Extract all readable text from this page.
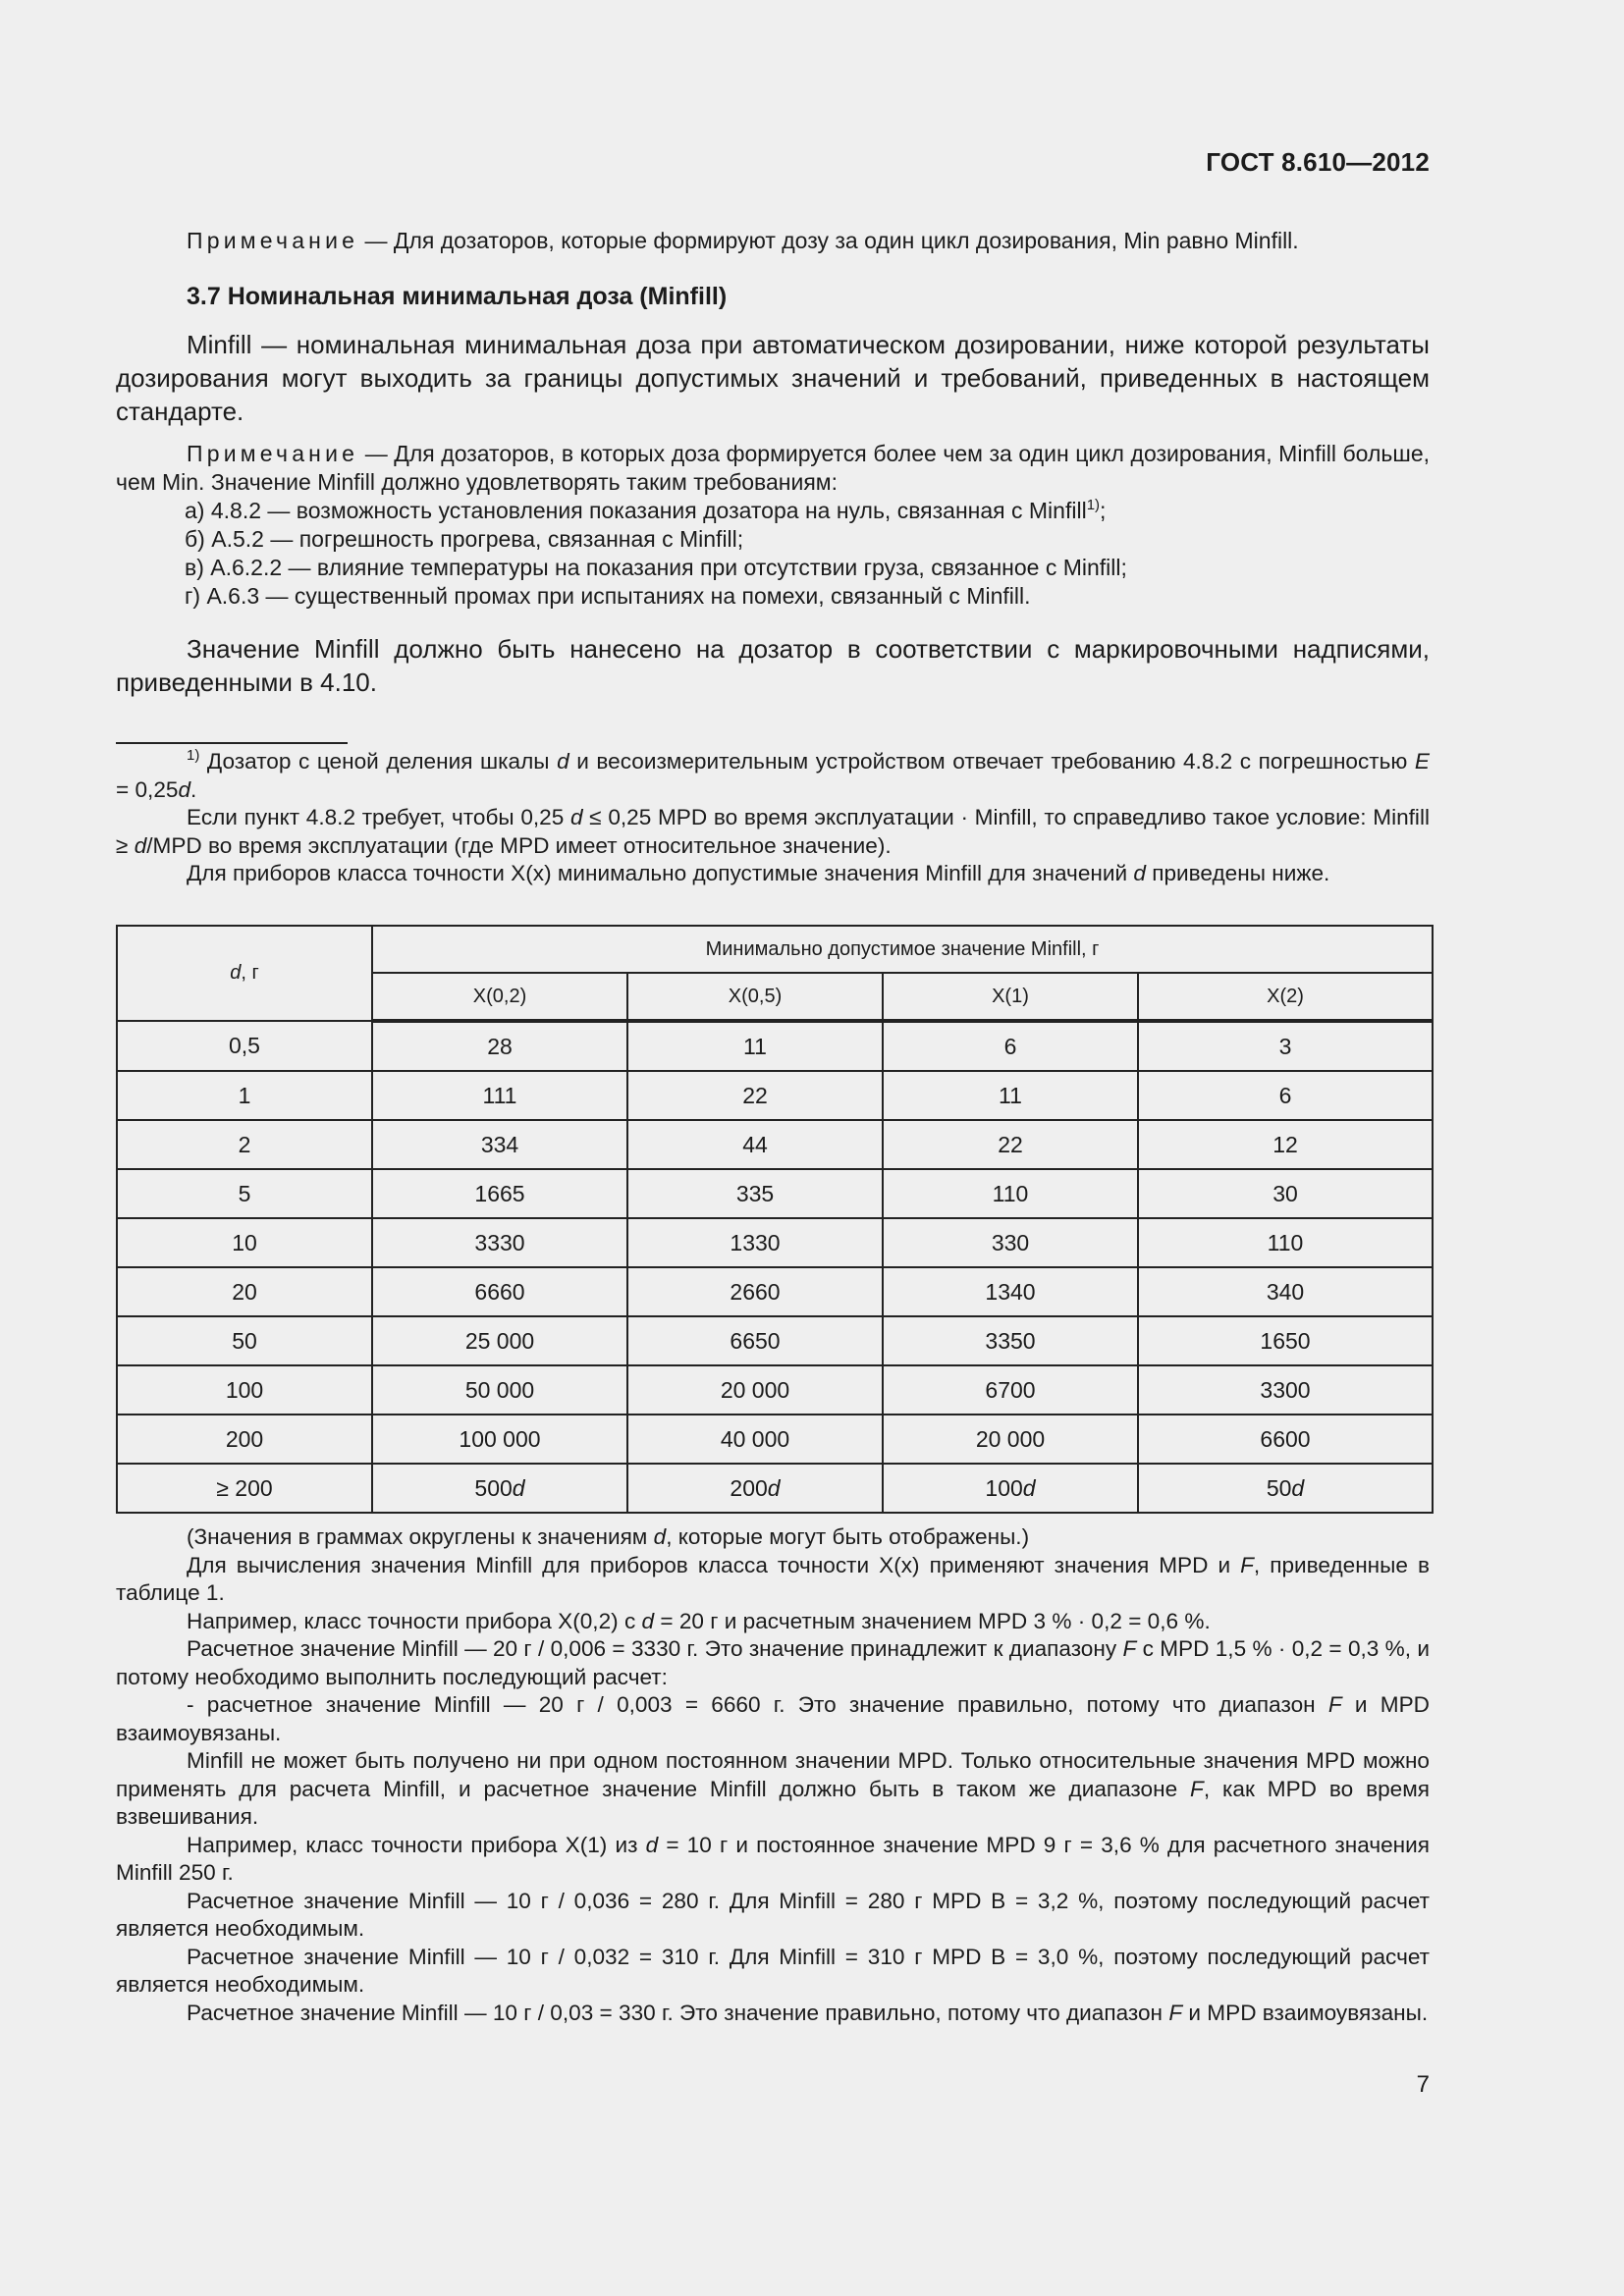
ГОСТ 8.610—2012

Примечание — Для дозаторов, которые формируют дозу за один цикл дозирования, Min равно Minfill.

3.7 Номинальная минимальная доза (Minfill)

Minfill — номинальная минимальная доза при автоматическом дозировании, ниже которой результаты дозирования могут выходить за границы допустимых значений и требований, приведенных в настоящем стандарте.

Примечание — Для дозаторов, в которых доза формируется более чем за один цикл дозирования, Minfill больше, чем Min. Значение Minfill должно удовлетворять таким требованиям:

а) 4.8.2 — возможность установления показания дозатора на нуль, связанная с Minfill$^{1)}$;
б) А.5.2 — погрешность прогрева, связанная с Minfill;
в) А.6.2.2 — влияние температуры на показания при отсутствии груза, связанное с Minfill;
г) А.6.3 — существенный промах при испытаниях на помехи, связанный с Minfill.

Значение Minfill должно быть нанесено на дозатор в соответствии с маркировочными надписями, приведенными в 4.10.

$^{1)}$ Дозатор с ценой деления шкалы d и весоизмерительным устройством отвечает требованию 4.8.2 с погрешностью E = 0,25d.

Если пункт 4.8.2 требует, чтобы 0,25 d ≤ 0,25 MPD во время эксплуатации · Minfill, то справедливо такое условие: Minfill ≥ d/MPD во время эксплуатации (где MPD имеет относительное значение).

Для приборов класса точности X(x) минимально допустимые значения Minfill для значений d приведены ниже.

d, г	Минимально допустимое значение Minfill, г			
	X(0,2)	X(0,5)	X(1)	X(2)
0,5	28	11	6	3
1	111	22	11	6
2	334	44	22	12
5	1665	335	110	30
10	3330	1330	330	110
20	6660	2660	1340	340
50	25 000	6650	3350	1650
100	50 000	20 000	6700	3300
200	100 000	40 000	20 000	6600
≥ 200	500d	200d	100d	50d

(Значения в граммах округлены к значениям d, которые могут быть отображены.)

Для вычисления значения Minfill для приборов класса точности X(x) применяют значения MPD и F, приведенные в таблице 1.

Например, класс точности прибора X(0,2) с d = 20 г и расчетным значением MPD 3 % · 0,2 = 0,6 %.

Расчетное значение Minfill — 20 г / 0,006 = 3330 г. Это значение принадлежит к диапазону F с MPD 1,5 % · 0,2 = 0,3 %, и потому необходимо выполнить последующий расчет:

- расчетное значение Minfill — 20 г / 0,003 = 6660 г. Это значение правильно, потому что диапазон F и MPD взаимоувязаны.

Minfill не может быть получено ни при одном постоянном значении MPD. Только относительные значения MPD можно применять для расчета Minfill, и расчетное значение Minfill должно быть в таком же диапазоне F, как MPD во время взвешивания.

Например, класс точности прибора X(1) из d = 10 г и постоянное значение MPD 9 г = 3,6 % для расчетного значения Minfill 250 г.

Расчетное значение Minfill — 10 г / 0,036 = 280 г. Для Minfill = 280 г MPD B = 3,2 %, поэтому последующий расчет является необходимым.

Расчетное значение Minfill — 10 г / 0,032 = 310 г. Для Minfill = 310 г MPD B = 3,0 %, поэтому последующий расчет является необходимым.

Расчетное значение Minfill — 10 г / 0,03 = 330 г. Это значение правильно, потому что диапазон F и MPD взаимоувязаны.

7
